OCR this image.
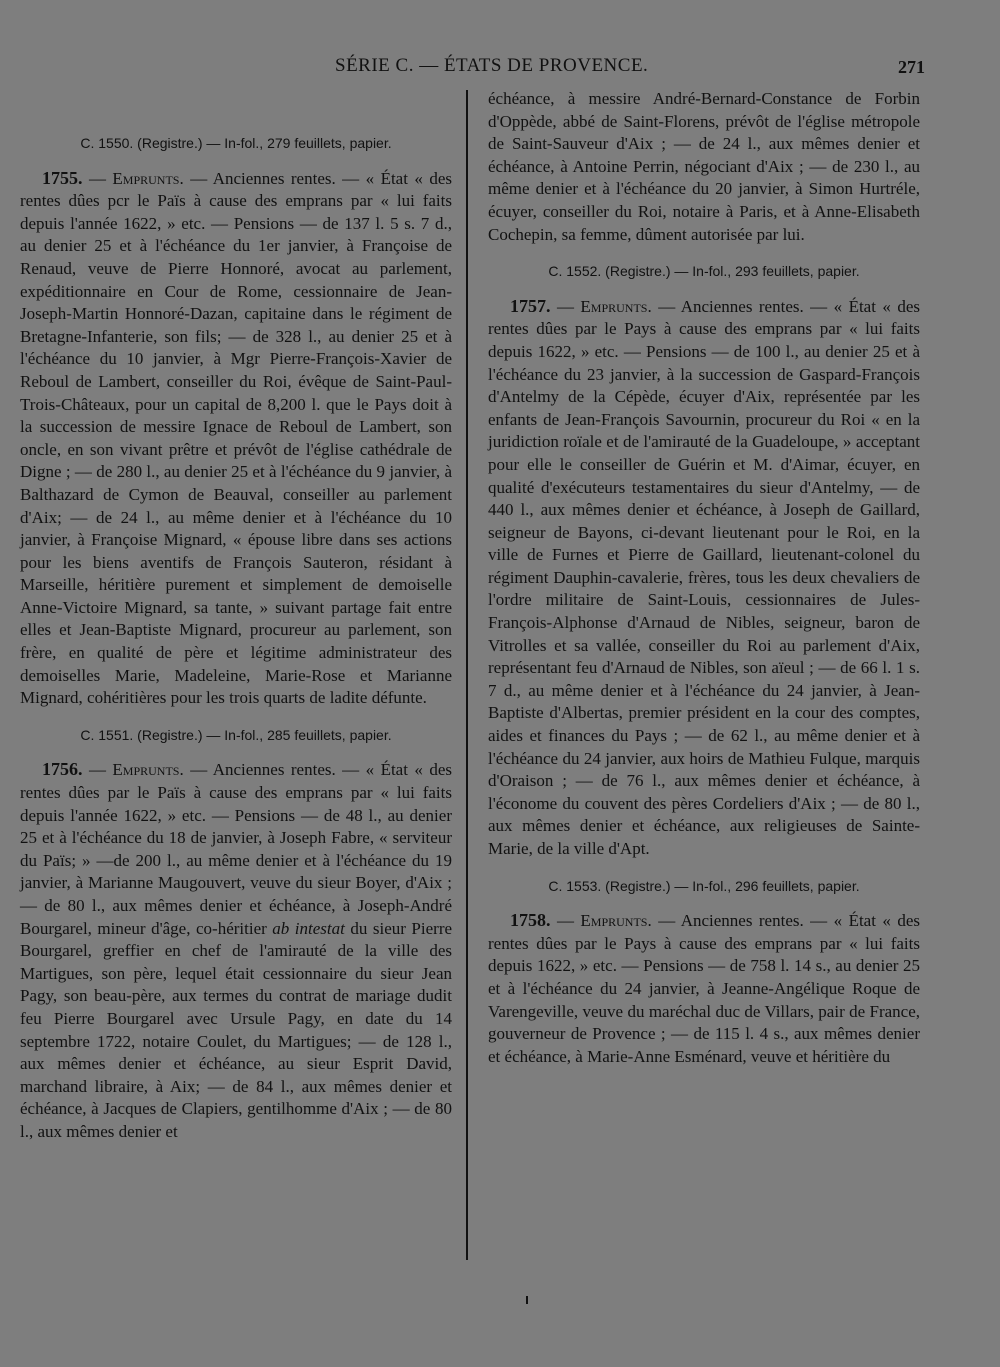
SÉRIE C. — ÉTATS DE PROVENCE.	271
C. 1550. (Registre.) — In-fol., 279 feuillets, papier.

1755. — Emprunts. — Anciennes rentes. — « État « des rentes dûes pcr le Païs à cause des emprans par « lui faits depuis l'année 1622, » etc. — Pensions — de 137 l. 5 s. 7 d., au denier 25 et à l'échéance du 1er janvier, à Françoise de Renaud, veuve de Pierre Honnoré, avocat au parlement, expéditionnaire en Cour de Rome, cessionnaire de Jean-Joseph-Martin Honnoré-Dazan, capitaine dans le régiment de Bretagne-Infanterie, son fils; — de 328 l., au denier 25 et à l'échéance du 10 janvier, à Mgr Pierre-François-Xavier de Reboul de Lambert, conseiller du Roi, évêque de Saint-Paul-Trois-Châteaux, pour un capital de 8,200 l. que le Pays doit à la succession de messire Ignace de Reboul de Lambert, son oncle, en son vivant prêtre et prévôt de l'église cathédrale de Digne ; — de 280 l., au denier 25 et à l'échéance du 9 janvier, à Balthazard de Cymon de Beauval, conseiller au parlement d'Aix; — de 24 l., au même denier et à l'échéance du 10 janvier, à Françoise Mignard, « épouse libre dans ses actions pour les biens aventifs de François Sauteron, résidant à Marseille, héritière purement et simplement de demoiselle Anne-Victoire Mignard, sa tante, » suivant partage fait entre elles et Jean-Baptiste Mignard, procureur au parlement, son frère, en qualité de père et légitime administrateur des demoiselles Marie, Madeleine, Marie-Rose et Marianne Mignard, cohéritières pour les trois quarts de ladite défunte.

C. 1551. (Registre.) — In-fol., 285 feuillets, papier.

1756. — Emprunts. — Anciennes rentes. — « État « des rentes dûes par le Païs à cause des emprans par « lui faits depuis l'année 1622, » etc. — Pensions — de 48 l., au denier 25 et à l'échéance du 18 de janvier, à Joseph Fabre, « serviteur du Païs; » —de 200 l., au même denier et à l'échéance du 19 janvier, à Marianne Maugouvert, veuve du sieur Boyer, d'Aix ; — de 80 l., aux mêmes denier et échéance, à Joseph-André Bourgarel, mineur d'âge, co-héritier ab intestat du sieur Pierre Bourgarel, greffier en chef de l'amirauté de la ville des Martigues, son père, lequel était cessionnaire du sieur Jean Pagy, son beau-père, aux termes du contrat de mariage dudit feu Pierre Bourgarel avec Ursule Pagy, en date du 14 septembre 1722, notaire Coulet, du Martigues; — de 128 l., aux mêmes denier et échéance, au sieur Esprit David, marchand libraire, à Aix; — de 84 l., aux mêmes denier et échéance, à Jacques de Clapiers, gentilhomme d'Aix ; — de 80 l., aux mêmes denier et

échéance, à messire André-Bernard-Constance de Forbin d'Oppède, abbé de Saint-Florens, prévôt de l'église métropole de Saint-Sauveur d'Aix ; — de 24 l., aux mêmes denier et échéance, à Antoine Perrin, négociant d'Aix ; — de 230 l., au même denier et à l'échéance du 20 janvier, à Simon Hurtréle, écuyer, conseiller du Roi, notaire à Paris, et à Anne-Elisabeth Cochepin, sa femme, dûment autorisée par lui.

C. 1552. (Registre.) — In-fol., 293 feuillets, papier.

1757. — Emprunts. — Anciennes rentes. — « État « des rentes dûes par le Pays à cause des emprans par « lui faits depuis 1622, » etc. — Pensions — de 100 l., au denier 25 et à l'échéance du 23 janvier, à la succession de Gaspard-François d'Antelmy de la Cépède, écuyer d'Aix, représentée par les enfants de Jean-François Savournin, procureur du Roi « en la juridiction roïale et de l'amirauté de la Guadeloupe, » acceptant pour elle le conseiller de Guérin et M. d'Aimar, écuyer, en qualité d'exécuteurs testamentaires du sieur d'Antelmy, — de 440 l., aux mêmes denier et échéance, à Joseph de Gaillard, seigneur de Bayons, ci-devant lieutenant pour le Roi, en la ville de Furnes et Pierre de Gaillard, lieutenant-colonel du régiment Dauphin-cavalerie, frères, tous les deux chevaliers de l'ordre militaire de Saint-Louis, cessionnaires de Jules-François-Alphonse d'Arnaud de Nibles, seigneur, baron de Vitrolles et sa vallée, conseiller du Roi au parlement d'Aix, représentant feu d'Arnaud de Nibles, son aïeul ; — de 66 l. 1 s. 7 d., au même denier et à l'échéance du 24 janvier, à Jean-Baptiste d'Albertas, premier président en la cour des comptes, aides et finances du Pays ; — de 62 l., au même denier et à l'échéance du 24 janvier, aux hoirs de Mathieu Fulque, marquis d'Oraison ; — de 76 l., aux mêmes denier et échéance, à l'économe du couvent des pères Cordeliers d'Aix ; — de 80 l., aux mêmes denier et échéance, aux religieuses de Sainte-Marie, de la ville d'Apt.

C. 1553. (Registre.) — In-fol., 296 feuillets, papier.

1758. — Emprunts. — Anciennes rentes. — « État « des rentes dûes par le Pays à cause des emprans par « lui faits depuis 1622, » etc. — Pensions — de 758 l. 14 s., au denier 25 et à l'échéance du 24 janvier, à Jeanne-Angélique Roque de Varengeville, veuve du maréchal duc de Villars, pair de France, gouverneur de Provence ; — de 115 l. 4 s., aux mêmes denier et échéance, à Marie-Anne Esménard, veuve et héritière du
